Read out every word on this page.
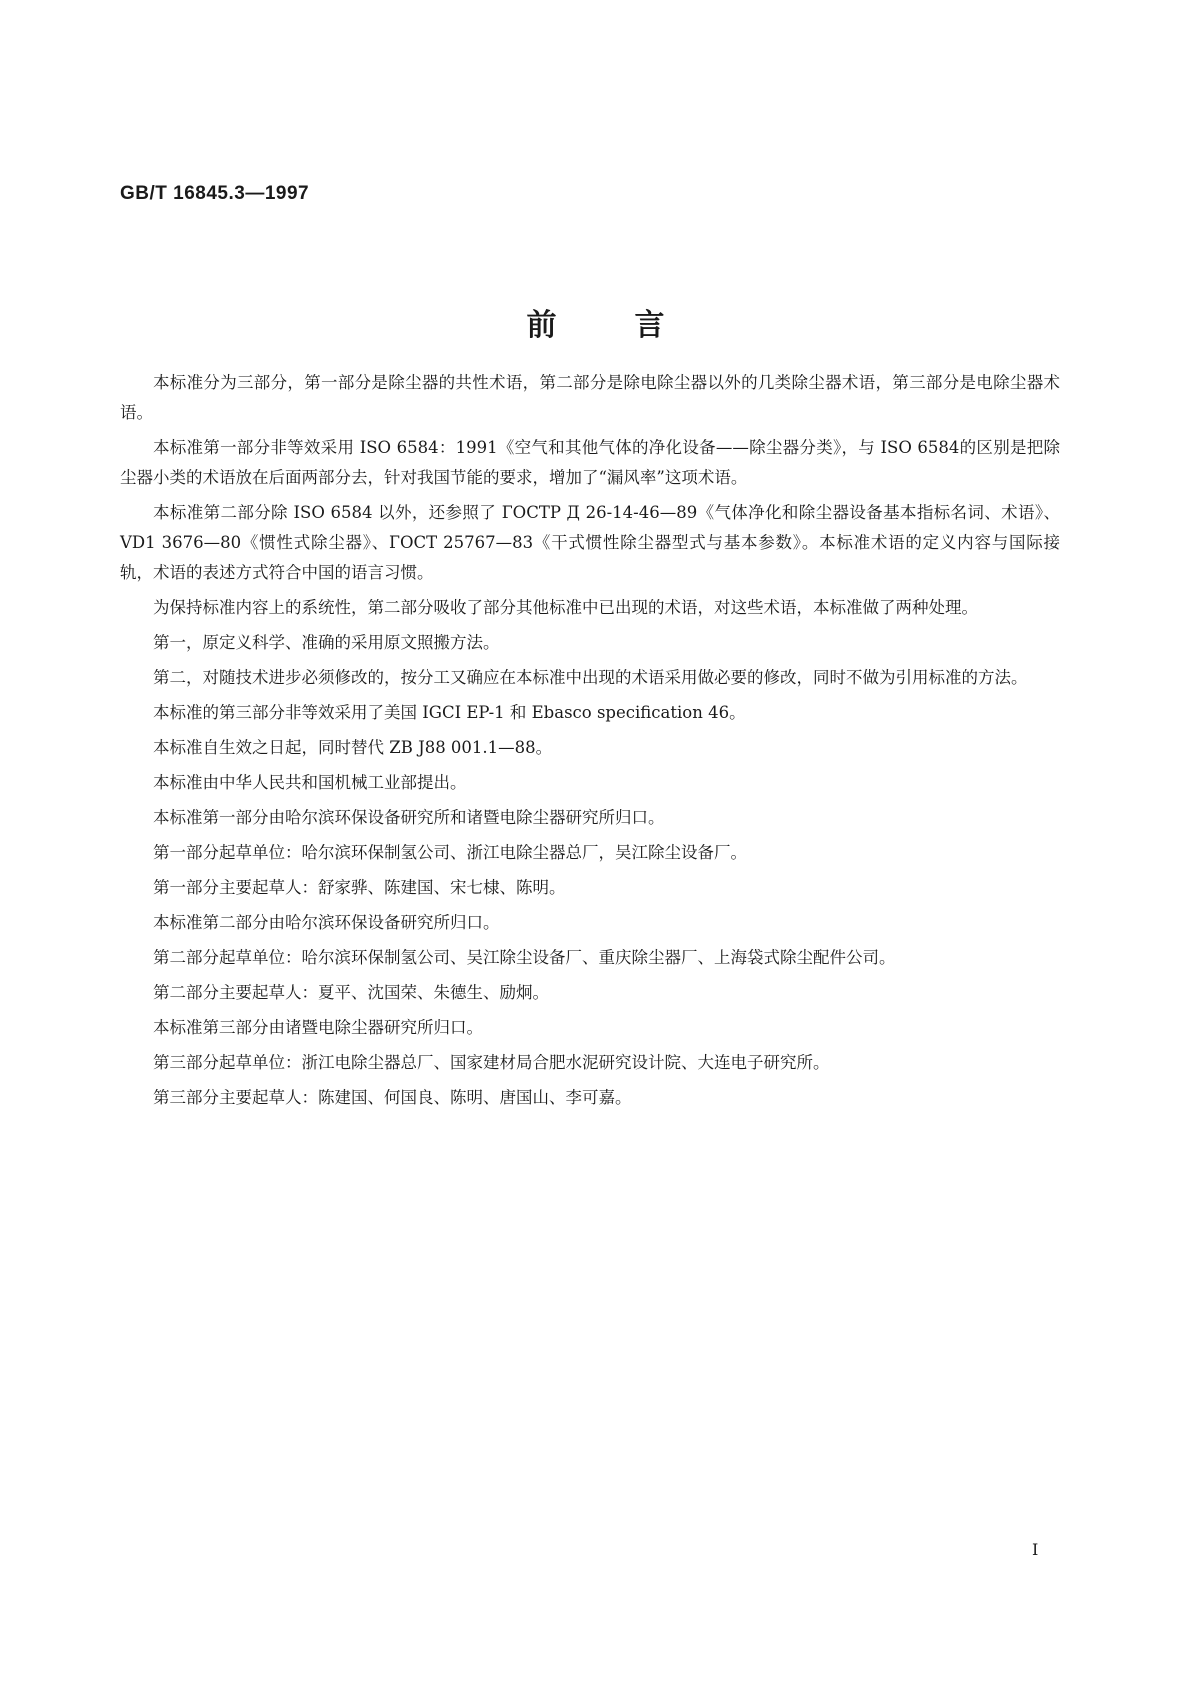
GB/T 16845.3—1997
前言

本标准分为三部分，第一部分是除尘器的共性术语，第二部分是除电除尘器以外的几类除尘器术语，第三部分是电除尘器术语。

本标准第一部分非等效采用 ISO 6584：1991《空气和其他气体的净化设备——除尘器分类》，与 ISO 6584的区别是把除尘器小类的术语放在后面两部分去，针对我国节能的要求，增加了“漏风率”这项术语。

本标准第二部分除 ISO 6584 以外，还参照了 ГОСТР Д 26-14-46—89《气体净化和除尘器设备基本指标名词、术语》、VD1 3676—80《惯性式除尘器》、ГОСТ 25767—83《干式惯性除尘器型式与基本参数》。本标准术语的定义内容与国际接轨，术语的表述方式符合中国的语言习惯。

为保持标准内容上的系统性，第二部分吸收了部分其他标准中已出现的术语，对这些术语，本标准做了两种处理。

第一，原定义科学、准确的采用原文照搬方法。

第二，对随技术进步必须修改的，按分工又确应在本标准中出现的术语采用做必要的修改，同时不做为引用标准的方法。

本标准的第三部分非等效采用了美国 IGCI EP-1 和 Ebasco specification 46。

本标准自生效之日起，同时替代 ZB J88 001.1—88。

本标准由中华人民共和国机械工业部提出。

本标准第一部分由哈尔滨环保设备研究所和诸暨电除尘器研究所归口。

第一部分起草单位：哈尔滨环保制氢公司、浙江电除尘器总厂，吴江除尘设备厂。

第一部分主要起草人：舒家骅、陈建国、宋七棣、陈明。

本标准第二部分由哈尔滨环保设备研究所归口。

第二部分起草单位：哈尔滨环保制氢公司、吴江除尘设备厂、重庆除尘器厂、上海袋式除尘配件公司。

第二部分主要起草人：夏平、沈国荣、朱德生、励炯。

本标准第三部分由诸暨电除尘器研究所归口。

第三部分起草单位：浙江电除尘器总厂、国家建材局合肥水泥研究设计院、大连电子研究所。

第三部分主要起草人：陈建国、何国良、陈明、唐国山、李可嘉。

I
